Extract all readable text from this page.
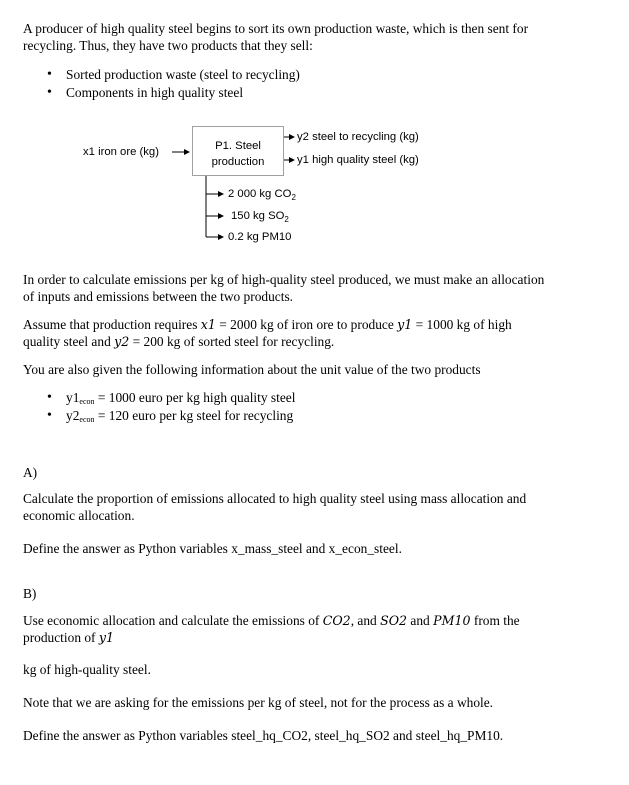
A producer of high quality steel begins to sort its own production waste, which is then sent for

recycling. Thus, they have two products that they sell:

• Sorted production waste (steel to recycling)
• Components in high quality steel
x1 iron ore (kg)	P1. Steel
production
y2 steel to recycling (kg)
y1 high quality steel (kg)
2 000 kg $CO_2$
150 kg $SO_2$
0.2 kg PM10

In order to calculate emissions per kg of high-quality steel produced, we must make an allocation

of inputs and emissions between the two products.

Assume that production requires x1 = 2000 kg of iron ore to produce y1 = 1000 kg of high

quality steel and y2 = 200 kg of sorted steel for recycling.

You are also given the following information about the unit value of the two products

• y1econ = 1000 euro per kg high quality steel
• y2econ = 120 euro per kg steel for recycling

A)

Calculate the proportion of emissions allocated to high quality steel using mass allocation and

economic allocation.

Define the answer as Python variables x_mass_steel and x_econ_steel.

B)

Use economic allocation and calculate the emissions of CO2, and SO2 and PM10 from the

production of y1

kg of high-quality steel.

Note that we are asking for the emissions per kg of steel, not for the process as a whole.

Define the answer as Python variables steel_hq_CO2, steel_hq_SO2 and steel_hq_PM10.
